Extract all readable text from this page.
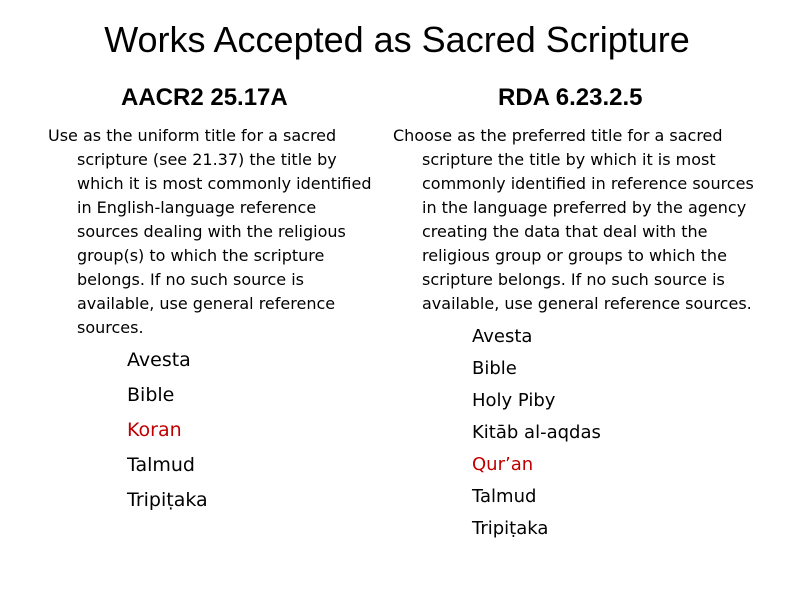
Works Accepted as Sacred Scripture
AACR2 25.17A	RDA 6.23.2.5
Use as the uniform title for a sacred
scripture (see 21.37) the title by
which it is most commonly identified
in English-language reference
sources dealing with the religious
group(s) to which the scripture
belongs. If no such source is
available, use general reference
sources.
Choose as the preferred title for a sacred
scripture the title by which it is most
commonly identified in reference sources
in the language preferred by the agency
creating the data that deal with the
religious group or groups to which the
scripture belongs. If no such source is
available, use general reference sources.
Avesta
Bible
Koran
Talmud
Tripiṭaka
Avesta
Bible
Holy Piby
Kitāb al-aqdas
Qur’an
Talmud
Tripiṭaka
